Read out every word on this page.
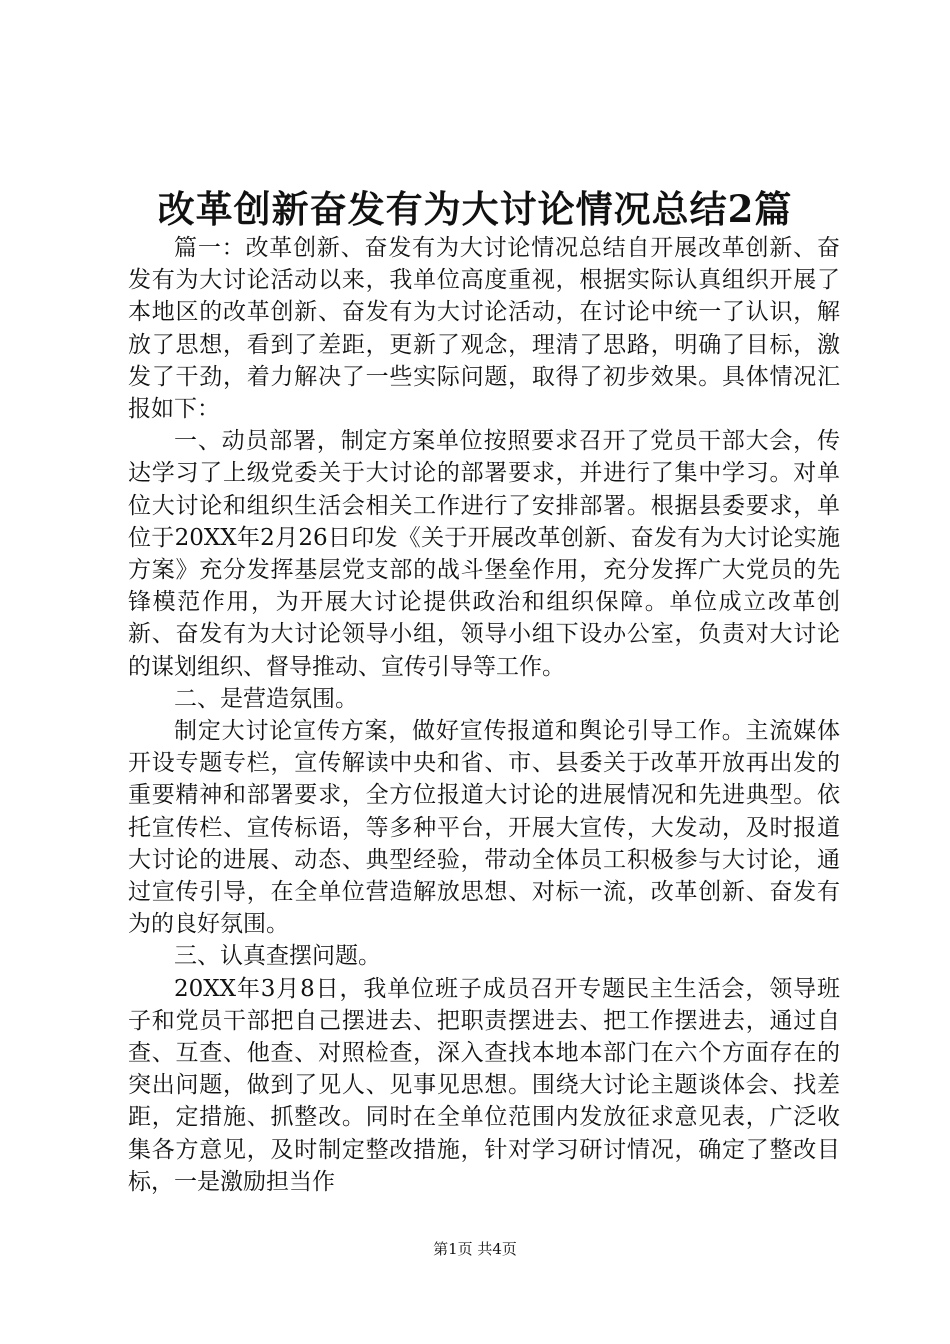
改革创新奋发有为大讨论情况总结2篇

篇一：改革创新、奋发有为大讨论情况总结自开展改革创新、奋发有为大讨论活动以来，我单位高度重视，根据实际认真组织开展了本地区的改革创新、奋发有为大讨论活动，在讨论中统一了认识，解放了思想，看到了差距，更新了观念，理清了思路，明确了目标，激发了干劲，着力解决了一些实际问题，取得了初步效果。具体情况汇报如下：

一、动员部署，制定方案单位按照要求召开了党员干部大会，传达学习了上级党委关于大讨论的部署要求，并进行了集中学习。对单位大讨论和组织生活会相关工作进行了安排部署。根据县委要求，单位于20XX年2月26日印发《关于开展改革创新、奋发有为大讨论实施方案》充分发挥基层党支部的战斗堡垒作用，充分发挥广大党员的先锋模范作用，为开展大讨论提供政治和组织保障。单位成立改革创新、奋发有为大讨论领导小组，领导小组下设办公室，负责对大讨论的谋划组织、督导推动、宣传引导等工作。

二、是营造氛围。

制定大讨论宣传方案，做好宣传报道和舆论引导工作。主流媒体开设专题专栏，宣传解读中央和省、市、县委关于改革开放再出发的重要精神和部署要求，全方位报道大讨论的进展情况和先进典型。依托宣传栏、宣传标语，等多种平台，开展大宣传，大发动，及时报道大讨论的进展、动态、典型经验，带动全体员工积极参与大讨论，通过宣传引导，在全单位营造解放思想、对标一流，改革创新、奋发有为的良好氛围。

三、认真查摆问题。

20XX年3月8日，我单位班子成员召开专题民主生活会，领导班子和党员干部把自己摆进去、把职责摆进去、把工作摆进去，通过自查、互查、他查、对照检查，深入查找本地本部门在六个方面存在的突出问题，做到了见人、见事见思想。围绕大讨论主题谈体会、找差距，定措施、抓整改。同时在全单位范围内发放征求意见表，广泛收集各方意见，及时制定整改措施，针对学习研讨情况，确定了整改目标，一是激励担当作

第1页 共4页
